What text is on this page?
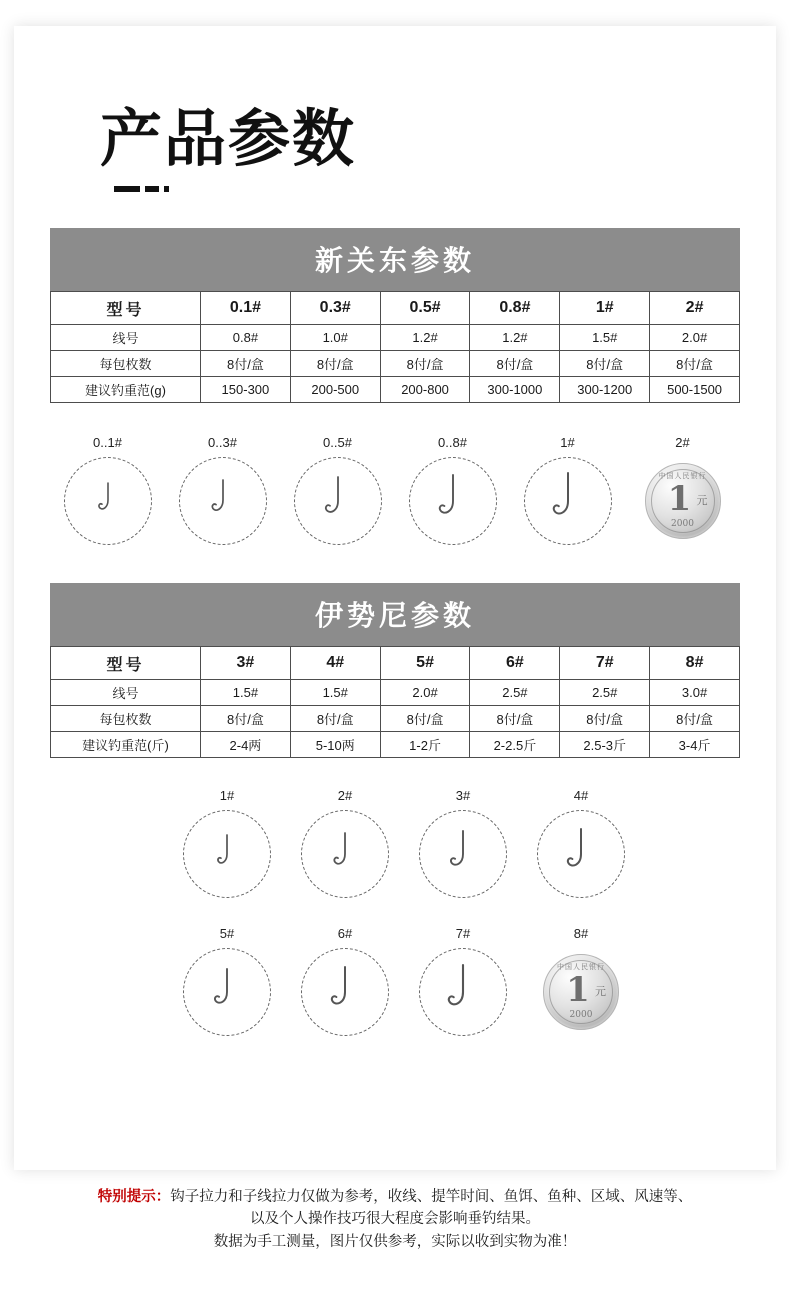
产品参数
新关东参数
型号	0.1#	0.3#	0.5#	0.8#	1#	2#
线号	0.8#	1.0#	1.2#	1.2#	1.5#	2.0#
每包枚数	8付/盒	8付/盒	8付/盒	8付/盒	8付/盒	8付/盒
建议钓重范(g)	150-300	200-500	200-800	300-1000	300-1200	500-1500
0..1#	0..3#	0..5#	0..8#	1#	2#
中国人民银行
1 元
2000
伊势尼参数
型号	3#	4#	5#	6#	7#	8#
线号	1.5#	1.5#	2.0#	2.5#	2.5#	3.0#
每包枚数	8付/盒	8付/盒	8付/盒	8付/盒	8付/盒	8付/盒
建议钓重范(斤)	2-4两	5-10两	1-2斤	2-2.5斤	2.5-3斤	3-4斤
1#	2#	3#	4#
5#	6#	7#	8#
中国人民银行
1 元
2000
特别提示：钩子拉力和子线拉力仅做为参考，收线、提竿时间、鱼饵、鱼种、区域、风速等、
以及个人操作技巧很大程度会影响垂钓结果。
数据为手工测量，图片仅供参考，实际以收到实物为准！
